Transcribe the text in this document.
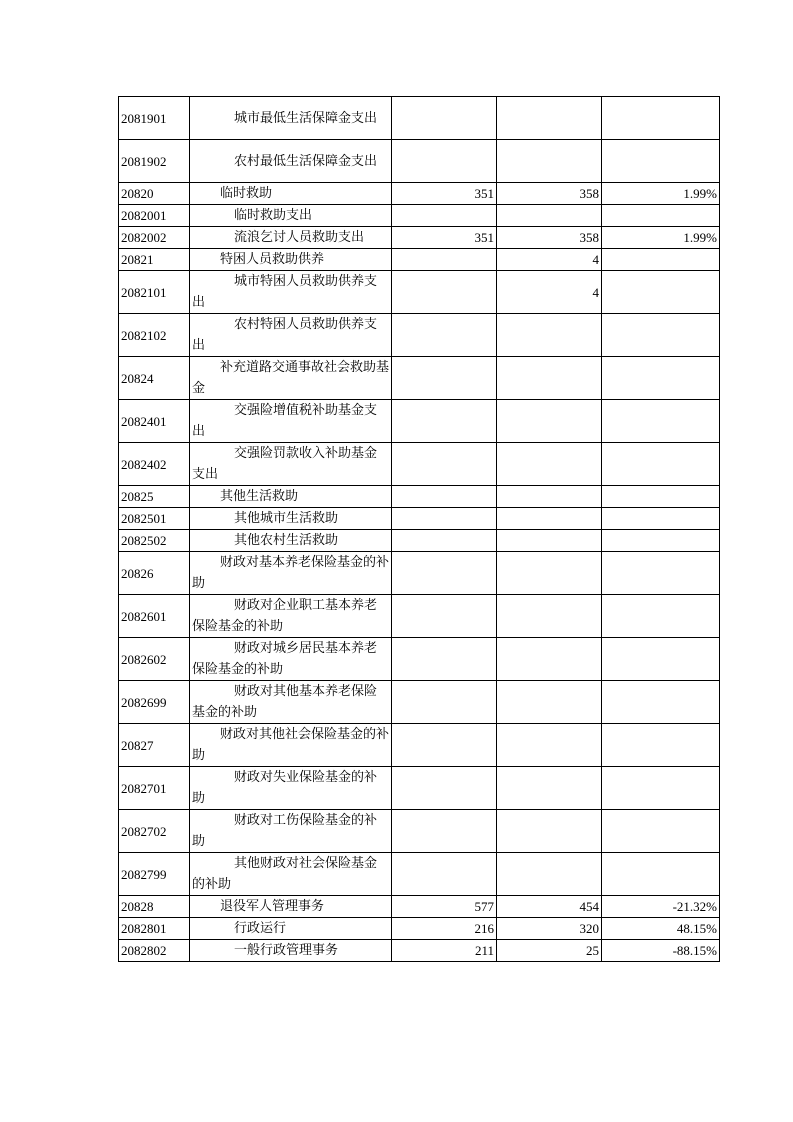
2081901	城市最低生活保障金支出			
2081902	农村最低生活保障金支出			
20820	临时救助	351	358	1.99%
2082001	临时救助支出			
2082002	流浪乞讨人员救助支出	351	358	1.99%
20821	特困人员救助供养		4	
2082101	城市特困人员救助供养支出		4	
2082102	农村特困人员救助供养支出			
20824	补充道路交通事故社会救助基金			
2082401	交强险增值税补助基金支出			
2082402	交强险罚款收入补助基金支出			
20825	其他生活救助			
2082501	其他城市生活救助			
2082502	其他农村生活救助			
20826	财政对基本养老保险基金的补助			
2082601	财政对企业职工基本养老保险基金的补助			
2082602	财政对城乡居民基本养老保险基金的补助			
2082699	财政对其他基本养老保险基金的补助			
20827	财政对其他社会保险基金的补助			
2082701	财政对失业保险基金的补助			
2082702	财政对工伤保险基金的补助			
2082799	其他财政对社会保险基金的补助			
20828	退役军人管理事务	577	454	-21.32%
2082801	行政运行	216	320	48.15%
2082802	一般行政管理事务	211	25	-88.15%
